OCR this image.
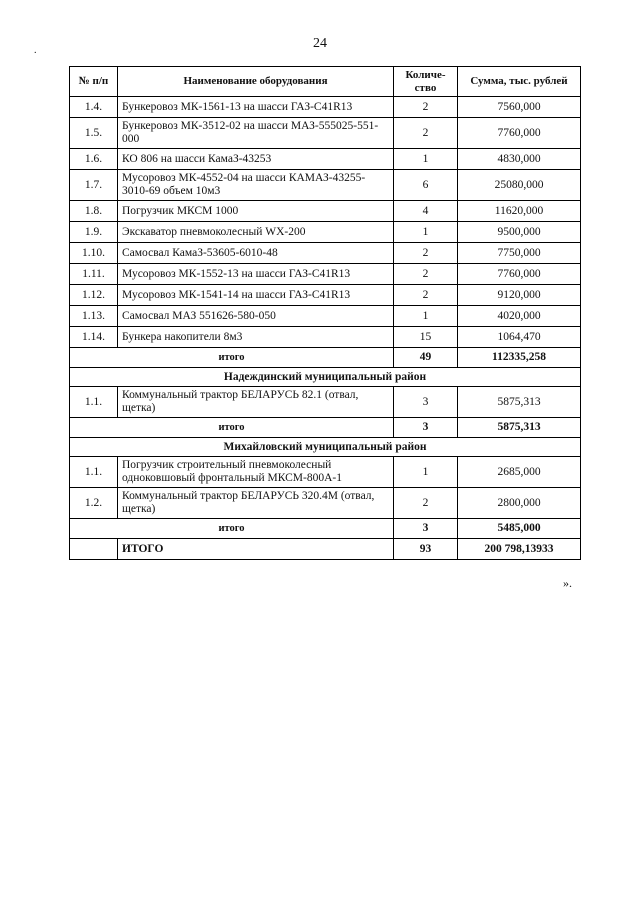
24
.
№ п/п	Наименование оборудования	Количе-ство	Сумма, тыс. рублей
1.4.	Бункеровоз МК-1561-13 на шасси ГАЗ-С41R13	2	7560,000
1.5.	Бункеровоз МК-3512-02 на шасси МАЗ-555025-551-000	2	7760,000
1.6.	КО 806 на шасси КамаЗ-43253	1	4830,000
1.7.	Мусоровоз МК-4552-04 на шасси КАМАЗ-43255-3010-69 объем 10м3	6	25080,000
1.8.	Погрузчик МКСМ 1000	4	11620,000
1.9.	Экскаватор пневмоколесный WX-200	1	9500,000
1.10.	Самосвал КамаЗ-53605-6010-48	2	7750,000
1.11.	Мусоровоз МК-1552-13 на шасси ГАЗ-С41R13	2	7760,000
1.12.	Мусоровоз МК-1541-14 на шасси ГАЗ-С41R13	2	9120,000
1.13.	Самосвал МАЗ 551626-580-050	1	4020,000
1.14.	Бункера накопители 8м3	15	1064,470
итого		49	112335,258
Надеждинский муниципальный район			
1.1.	Коммунальный трактор БЕЛАРУСЬ 82.1 (отвал, щетка)	3	5875,313
итого		3	5875,313
Михайловский муниципальный район			
1.1.	Погрузчик строительный пневмоколесный одноковшовый фронтальный МКСМ-800А-1	1	2685,000
1.2.	Коммунальный трактор БЕЛАРУСЬ 320.4М (отвал, щетка)	2	2800,000
итого		3	5485,000
	ИТОГО	93	200 798,13933
».
